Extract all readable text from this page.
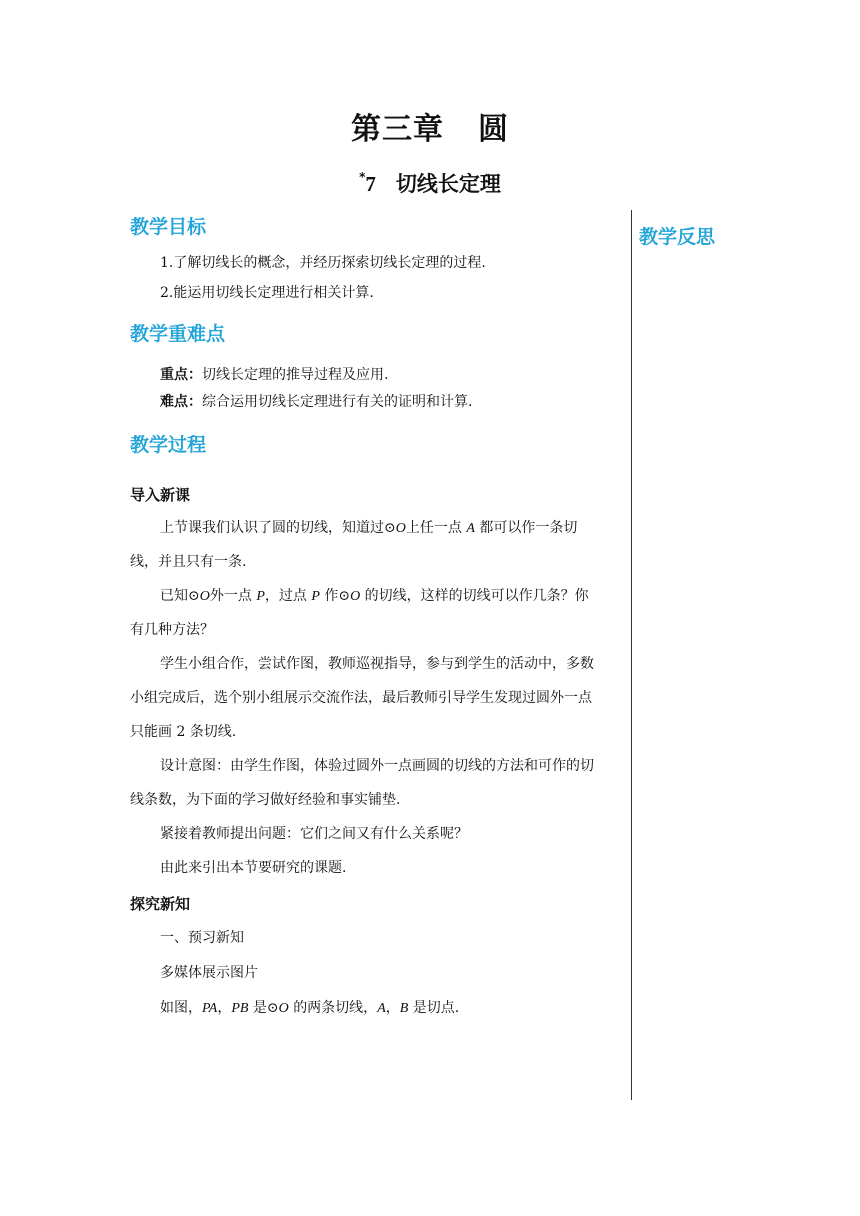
第三章 圆
*7 切线长定理
教学反思
教学目标
1.了解切线长的概念，并经历探索切线长定理的过程.
2.能运用切线长定理进行相关计算.
教学重难点
重点：切线长定理的推导过程及应用.
难点：综合运用切线长定理进行有关的证明和计算.
教学过程
导入新课
上节课我们认识了圆的切线，知道过⊙O上任一点 A 都可以作一条切
线，并且只有一条.
已知⊙O外一点 P，过点 P 作⊙O 的切线，这样的切线可以作几条？你
有几种方法？
学生小组合作，尝试作图，教师巡视指导，参与到学生的活动中，多数
小组完成后，选个别小组展示交流作法，最后教师引导学生发现过圆外一点
只能画 2 条切线.
设计意图：由学生作图，体验过圆外一点画圆的切线的方法和可作的切
线条数，为下面的学习做好经验和事实铺垫.
紧接着教师提出问题：它们之间又有什么关系呢？
由此来引出本节要研究的课题.
探究新知
一、预习新知
多媒体展示图片
如图，PA，PB 是⊙O 的两条切线，A，B 是切点.
